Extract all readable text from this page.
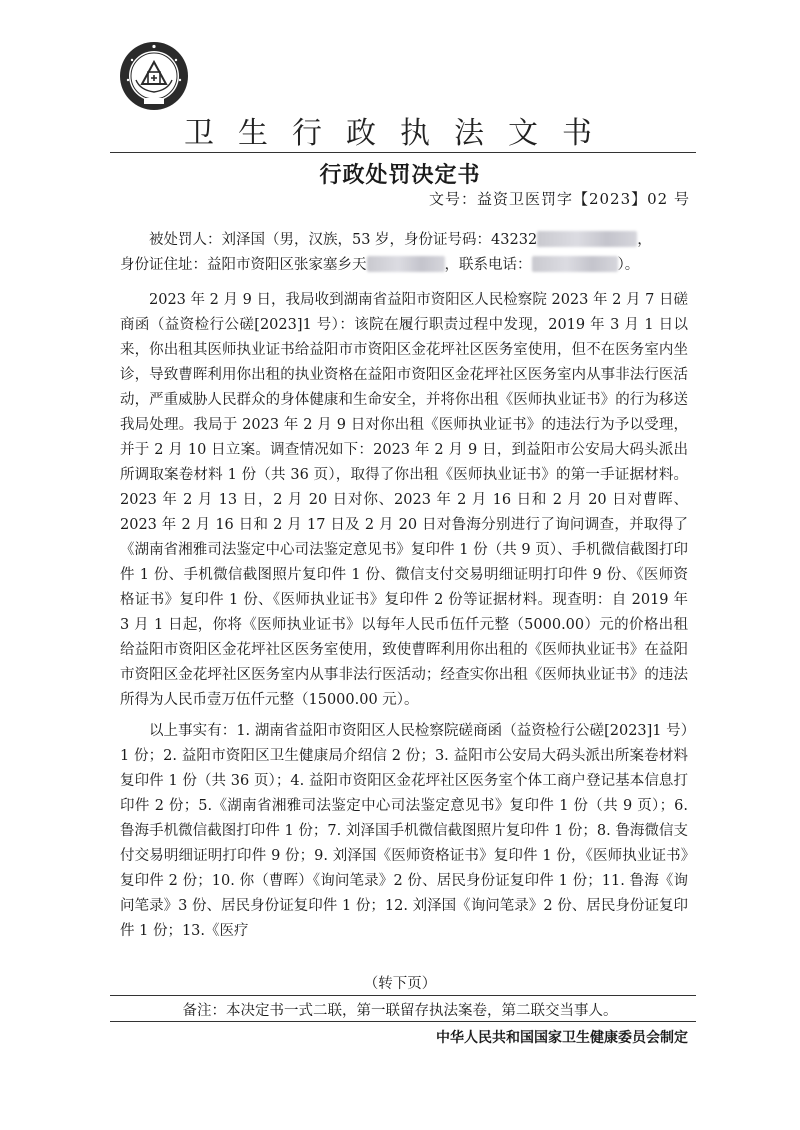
卫生行政执法文书
行政处罚决定书
文号：益资卫医罚字【2023】02 号

被处罚人：刘泽国（男，汉族，53 岁，身份证号码：43232	，

身份证住址：益阳市资阳区张家塞乡天	，联系电话：	）。

2023 年 2 月 9 日，我局收到湖南省益阳市资阳区人民检察院 2023 年 2 月 7 日磋商函（益资检行公磋[2023]1 号）：该院在履行职责过程中发现，2019 年 3 月 1 日以来，你出租其医师执业证书给益阳市市资阳区金花坪社区医务室使用，但不在医务室内坐诊，导致曹晖利用你出租的执业资格在益阳市资阳区金花坪社区医务室内从事非法行医活动，严重威胁人民群众的身体健康和生命安全，并将你出租《医师执业证书》的行为移送我局处理。我局于 2023 年 2 月 9 日对你出租《医师执业证书》的违法行为予以受理，并于 2 月 10 日立案。调查情况如下：2023 年 2 月 9 日，到益阳市公安局大码头派出所调取案卷材料 1 份（共 36 页），取得了你出租《医师执业证书》的第一手证据材料。2023 年 2 月 13 日，2 月 20 日对你、2023 年 2 月 16 日和 2 月 20 日对曹晖、2023 年 2 月 16 日和 2 月 17 日及 2 月 20 日对鲁海分别进行了询问调查，并取得了《湖南省湘雅司法鉴定中心司法鉴定意见书》复印件 1 份（共 9 页）、手机微信截图打印件 1 份、手机微信截图照片复印件 1 份、微信支付交易明细证明打印件 9 份、《医师资格证书》复印件 1 份、《医师执业证书》复印件 2 份等证据材料。现查明：自 2019 年 3 月 1 日起，你将《医师执业证书》以每年人民币伍仟元整（5000.00）元的价格出租给益阳市资阳区金花坪社区医务室使用，致使曹晖利用你出租的《医师执业证书》在益阳市资阳区金花坪社区医务室内从事非法行医活动；经查实你出租《医师执业证书》的违法所得为人民币壹万伍仟元整（15000.00 元）。

以上事实有：1. 湖南省益阳市资阳区人民检察院磋商函（益资检行公磋[2023]1 号）1 份；2. 益阳市资阳区卫生健康局介绍信 2 份；3. 益阳市公安局大码头派出所案卷材料复印件 1 份（共 36 页）；4. 益阳市资阳区金花坪社区医务室个体工商户登记基本信息打印件 2 份；5.《湖南省湘雅司法鉴定中心司法鉴定意见书》复印件 1 份（共 9 页）；6. 鲁海手机微信截图打印件 1 份；7. 刘泽国手机微信截图照片复印件 1 份；8. 鲁海微信支付交易明细证明打印件 9 份；9. 刘泽国《医师资格证书》复印件 1 份，《医师执业证书》复印件 2 份；10. 你（曹晖）《询问笔录》2 份、居民身份证复印件 1 份；11. 鲁海《询问笔录》3 份、居民身份证复印件 1 份；12. 刘泽国《询问笔录》2 份、居民身份证复印件 1 份；13.《医疗

（转下页）
备注：本决定书一式二联，第一联留存执法案卷，第二联交当事人。
中华人民共和国国家卫生健康委员会制定
